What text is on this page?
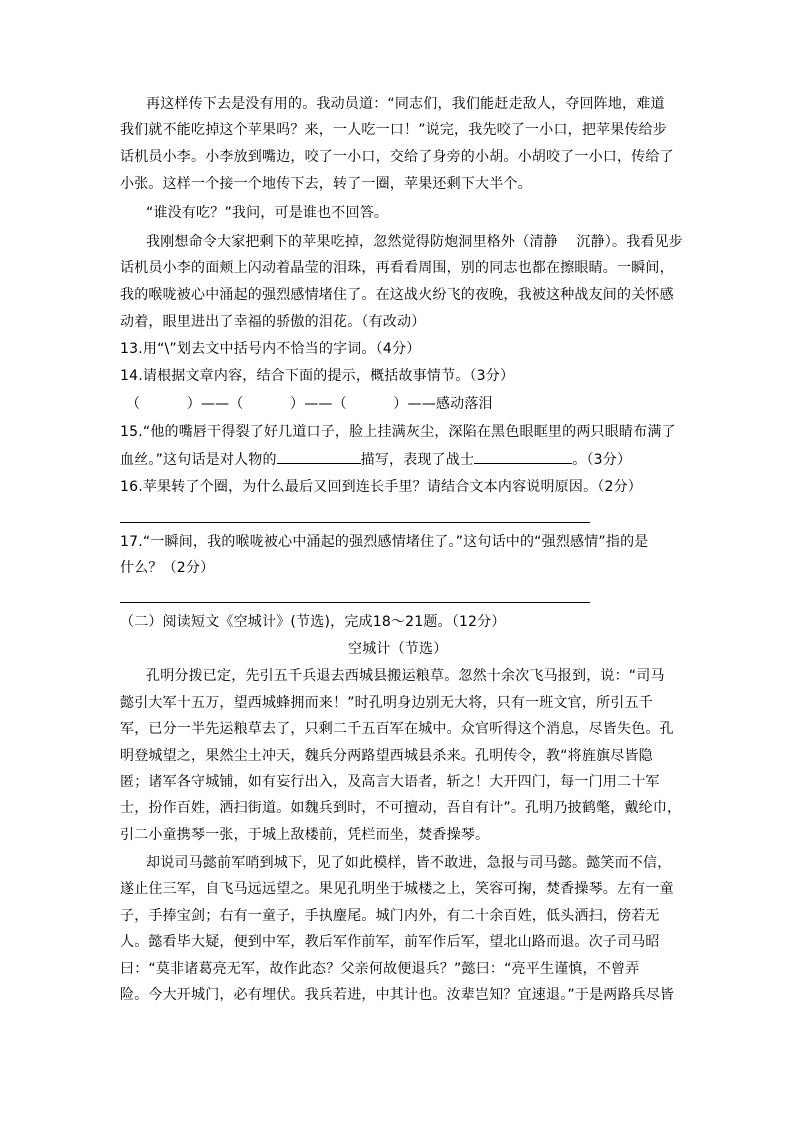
再这样传下去是没有用的。我动员道：“同志们，我们能赶走敌人，夺回阵地，难道
我们就不能吃掉这个苹果吗？来，一人吃一口！”说完，我先咬了一小口，把苹果传给步
话机员小李。小李放到嘴边，咬了一小口，交给了身旁的小胡。小胡咬了一小口，传给了
小张。这样一个接一个地传下去，转了一圈，苹果还剩下大半个。
“谁没有吃？”我问，可是谁也不回答。
我刚想命令大家把剩下的苹果吃掉，忽然觉得防炮洞里格外（清静    沉静）。我看见步
话机员小李的面颊上闪动着晶莹的泪珠，再看看周围，别的同志也都在擦眼睛。一瞬间，
我的喉咙被心中涌起的强烈感情堵住了。在这战火纷飞的夜晚，我被这种战友间的关怀感
动着，眼里进出了幸福的骄傲的泪花。（有改动）
13.用“\”划去文中括号内不恰当的字词。（4分）
14.请根据文章内容，结合下面的提示，概括故事情节。（3分）
（          ）——（          ）——（          ）——感动落泪
15.“他的嘴唇干得裂了好几道口子，脸上挂满灰尘，深陷在黑色眼眶里的两只眼睛布满了
血丝。”这句话是对人物的	描写，表现了战士	。（3分）
16.苹果转了个圈，为什么最后又回到连长手里？请结合文本内容说明原因。（2分）
17.“一瞬间，我的喉咙被心中涌起的强烈感情堵住了。”这句话中的“强烈感情”指的是
什么？（2分）
（二）阅读短文《空城计》(节选)，完成18～21题。（12分）
空城计（节选）
孔明分拨已定，先引五千兵退去西城县搬运粮草。忽然十余次飞马报到，说：“司马
懿引大军十五万，望西城蜂拥而来！”时孔明身边别无大将，只有一班文官，所引五千
军，已分一半先运粮草去了，只剩二千五百军在城中。众官听得这个消息，尽皆失色。孔
明登城望之，果然尘土冲天，魏兵分两路望西城县杀来。孔明传令，教“将旌旗尽皆隐
匿；诸军各守城铺，如有妄行出入，及高言大语者，斩之！大开四门，每一门用二十军
士，扮作百姓，洒扫街道。如魏兵到时，不可擅动，吾自有计”。孔明乃披鹤氅，戴纶巾，
引二小童携琴一张，于城上敌楼前，凭栏而坐，焚香操琴。
却说司马懿前军哨到城下，见了如此模样，皆不敢进，急报与司马懿。懿笑而不信，
遂止住三军，自飞马远远望之。果见孔明坐于城楼之上，笑容可掬，焚香操琴。左有一童
子，手捧宝剑；右有一童子，手执麈尾。城门内外，有二十余百姓，低头洒扫，傍若无
人。懿看毕大疑，便到中军，教后军作前军，前军作后军，望北山路而退。次子司马昭
曰：“莫非诸葛亮无军，故作此态？父亲何故便退兵？”懿曰：“亮平生谨慎，不曾弄
险。今大开城门，必有埋伏。我兵若进，中其计也。汝辈岂知？宜速退。”于是两路兵尽皆
